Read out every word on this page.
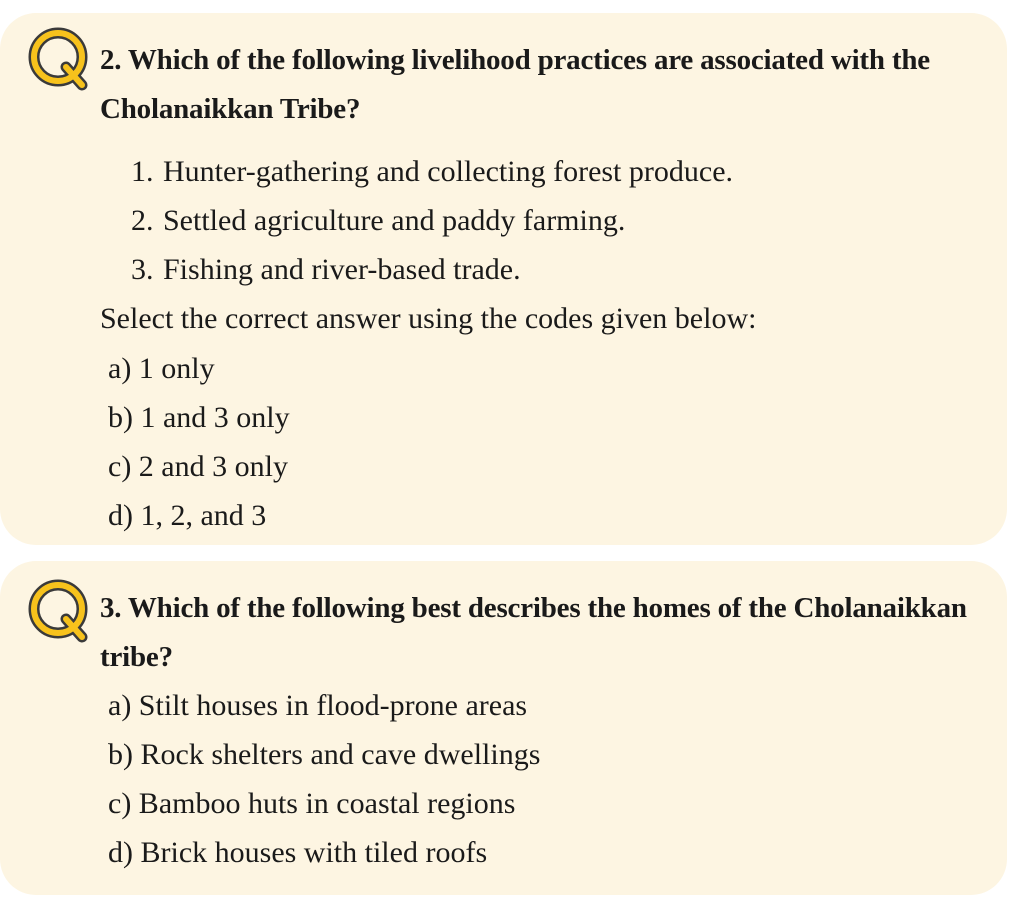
2. Which of the following livelihood practices are associated with the Cholanaikkan Tribe?
1. Hunter-gathering and collecting forest produce.
2. Settled agriculture and paddy farming.
3. Fishing and river-based trade.
Select the correct answer using the codes given below:
a) 1 only
b) 1 and 3 only
c) 2 and 3 only
d) 1, 2, and 3
3. Which of the following best describes the homes of the Cholanaikkan tribe?
a) Stilt houses in flood-prone areas
b) Rock shelters and cave dwellings
c) Bamboo huts in coastal regions
d) Brick houses with tiled roofs
